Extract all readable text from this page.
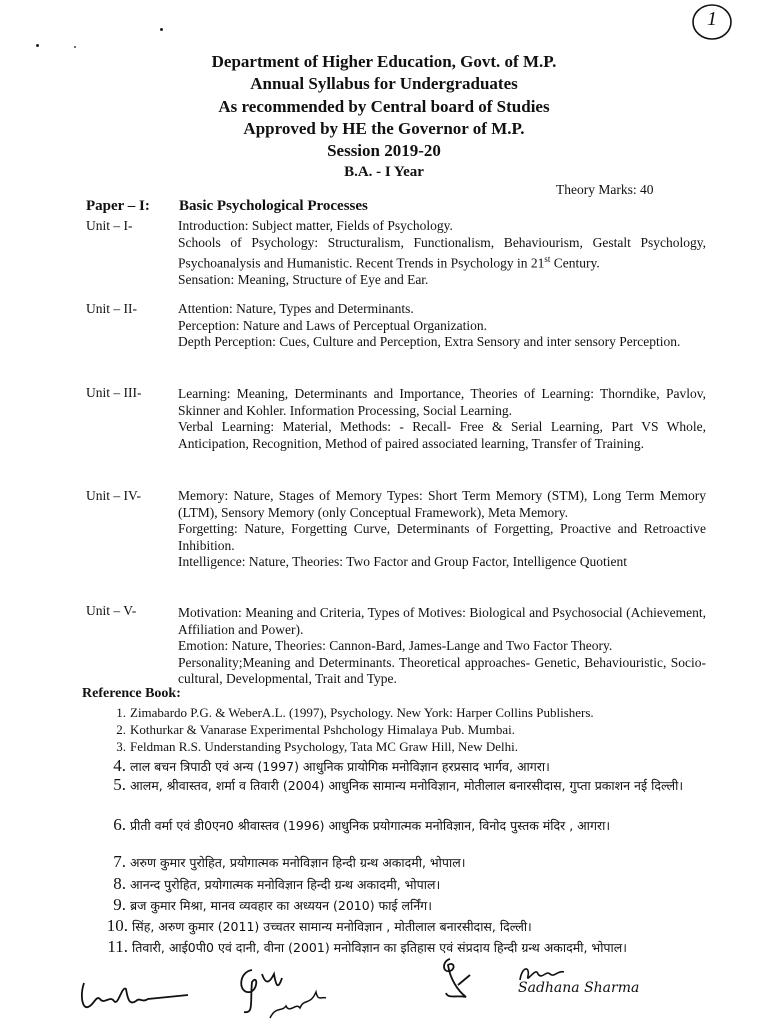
1
Department of Higher Education, Govt. of M.P.
Annual Syllabus for Undergraduates
As recommended by Central board of Studies
Approved by HE the Governor of M.P.
Session 2019-20
B.A. - I Year
Theory Marks: 40
Paper – I: Basic Psychological Processes
Unit – I-	Introduction: Subject matter, Fields of Psychology.

Schools of Psychology: Structuralism, Functionalism, Behaviourism, Gestalt Psychology, Psychoanalysis and Humanistic. Recent Trends in Psychology in 21st Century.

Sensation: Meaning, Structure of Eye and Ear.

Unit – II-	Attention: Nature, Types and Determinants.

Perception: Nature and Laws of Perceptual Organization.

Depth Perception: Cues, Culture and Perception, Extra Sensory and inter sensory Perception.

Unit – III-	Learning: Meaning, Determinants and Importance, Theories of Learning: Thorndike, Pavlov, Skinner and Kohler. Information Processing, Social Learning.

Verbal Learning: Material, Methods: - Recall- Free & Serial Learning, Part VS Whole, Anticipation, Recognition, Method of paired associated learning, Transfer of Training.

Unit – IV-	Memory: Nature, Stages of Memory Types: Short Term Memory (STM), Long Term Memory (LTM), Sensory Memory (only Conceptual Framework), Meta Memory.

Forgetting: Nature, Forgetting Curve, Determinants of Forgetting, Proactive and Retroactive Inhibition.

Intelligence: Nature, Theories: Two Factor and Group Factor, Intelligence Quotient

Unit – V-	Motivation: Meaning and Criteria, Types of Motives: Biological and Psychosocial (Achievement, Affiliation and Power).

Emotion: Nature, Theories: Cannon-Bard, James-Lange and Two Factor Theory.

Personality;Meaning and Determinants. Theoretical approaches- Genetic, Behaviouristic, Socio-cultural, Developmental, Trait and Type.

Reference Book:
1. Zimabardo P.G. & WeberA.L. (1997), Psychology. New York: Harper Collins Publishers.
2. Kothurkar & Vanarase Experimental Pshchology Himalaya Pub. Mumbai.
3. Feldman R.S. Understanding Psychology, Tata MC Graw Hill, New Delhi.
4. लाल बचन त्रिपाठी एवं अन्य (1997) आधुनिक प्रायोगिक मनोविज्ञान हरप्रसाद भार्गव, आगरा।
5. आलम, श्रीवास्तव, शर्मा व तिवारी (2004) आधुनिक सामान्य मनोविज्ञान, मोतीलाल बनारसीदास, गुप्ता प्रकाशन नई दिल्ली।
6. प्रीती वर्मा एवं डी0एन0 श्रीवास्तव (1996) आधुनिक प्रयोगात्मक मनोविज्ञान, विनोद पुस्तक मंदिर , आगरा।
7. अरुण कुमार पुरोहित, प्रयोगात्मक मनोविज्ञान हिन्दी ग्रन्थ अकादमी, भोपाल।
8. आनन्द पुरोहित, प्रयोगात्मक मनोविज्ञान हिन्दी ग्रन्थ अकादमी, भोपाल।
9. ब्रज कुमार मिश्रा, मानव व्यवहार का अध्ययन (2010) फाई लर्निंग।
10. सिंह, अरुण कुमार (2011) उच्चतर सामान्य मनोविज्ञान , मोतीलाल बनारसीदास, दिल्ली।
11. तिवारी, आई0पी0 एवं दानी, वीना (2001) मनोविज्ञान का इतिहास एवं संप्रदाय हिन्दी ग्रन्थ अकादमी, भोपाल।
Sadhana Sharma
